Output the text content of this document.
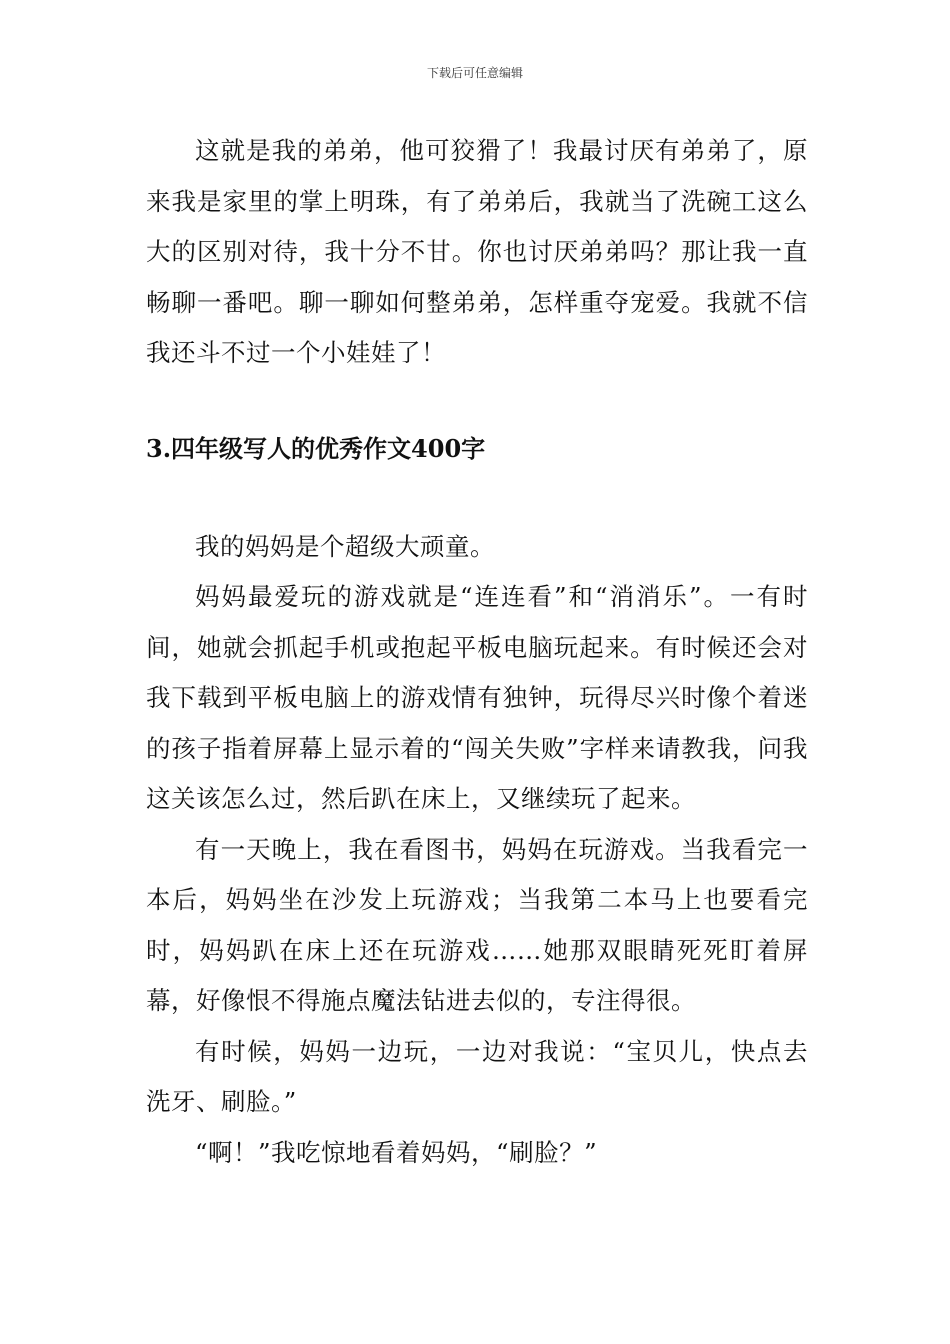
下载后可任意编辑

这就是我的弟弟，他可狡猾了！我最讨厌有弟弟了，原来我是家里的掌上明珠，有了弟弟后，我就当了洗碗工这么大的区别对待，我十分不甘。你也讨厌弟弟吗？那让我一直畅聊一番吧。聊一聊如何整弟弟，怎样重夺宠爱。我就不信我还斗不过一个小娃娃了！

3.四年级写人的优秀作文400字

我的妈妈是个超级大顽童。

妈妈最爱玩的游戏就是“连连看”和“消消乐”。一有时间，她就会抓起手机或抱起平板电脑玩起来。有时候还会对我下载到平板电脑上的游戏情有独钟，玩得尽兴时像个着迷的孩子指着屏幕上显示着的“闯关失败”字样来请教我，问我这关该怎么过，然后趴在床上，又继续玩了起来。

有一天晚上，我在看图书，妈妈在玩游戏。当我看完一本后，妈妈坐在沙发上玩游戏；当我第二本马上也要看完时，妈妈趴在床上还在玩游戏……她那双眼睛死死盯着屏幕，好像恨不得施点魔法钻进去似的，专注得很。

有时候，妈妈一边玩，一边对我说：“宝贝儿，快点去洗牙、刷脸。”

“啊！”我吃惊地看着妈妈，“刷脸？”
